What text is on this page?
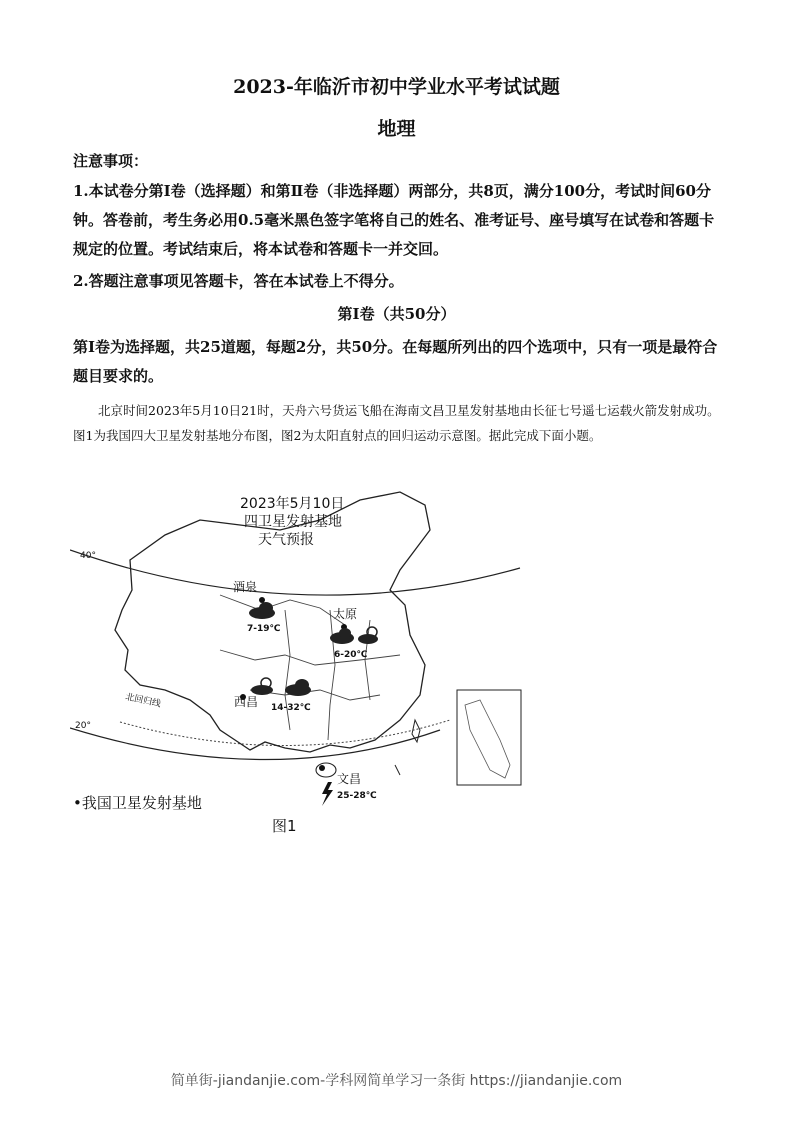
2023-年临沂市初中学业水平考试试题
地理
注意事项：
1.本试卷分第Ⅰ卷（选择题）和第Ⅱ卷（非选择题）两部分，共8页，满分100分，考试时间60分钟。答卷前，考生务必用0.5毫米黑色签字笔将自己的姓名、准考证号、座号填写在试卷和答题卡规定的位置。考试结束后，将本试卷和答题卡一并交回。
2.答题注意事项见答题卡，答在本试卷上不得分。
第Ⅰ卷（共50分）
第Ⅰ卷为选择题，共25道题，每题2分，共50分。在每题所列出的四个选项中，只有一项是最符合题目要求的。
北京时间2023年5月10日21时，天舟六号货运飞船在海南文昌卫星发射基地由长征七号遥七运载火箭发射成功。图1为我国四大卫星发射基地分布图，图2为太阳直射点的回归运动示意图。据此完成下面小题。
2023年5月10日
四卫星发射基地
天气预报
40°
20°
北回归线
酒泉
7-19℃
太原
6-20℃
西昌 14-32℃
文昌
25-28℃
•我国卫星发射基地
图1
简单街-jiandanjie.com-学科网简单学习一条街 https://jiandanjie.com
